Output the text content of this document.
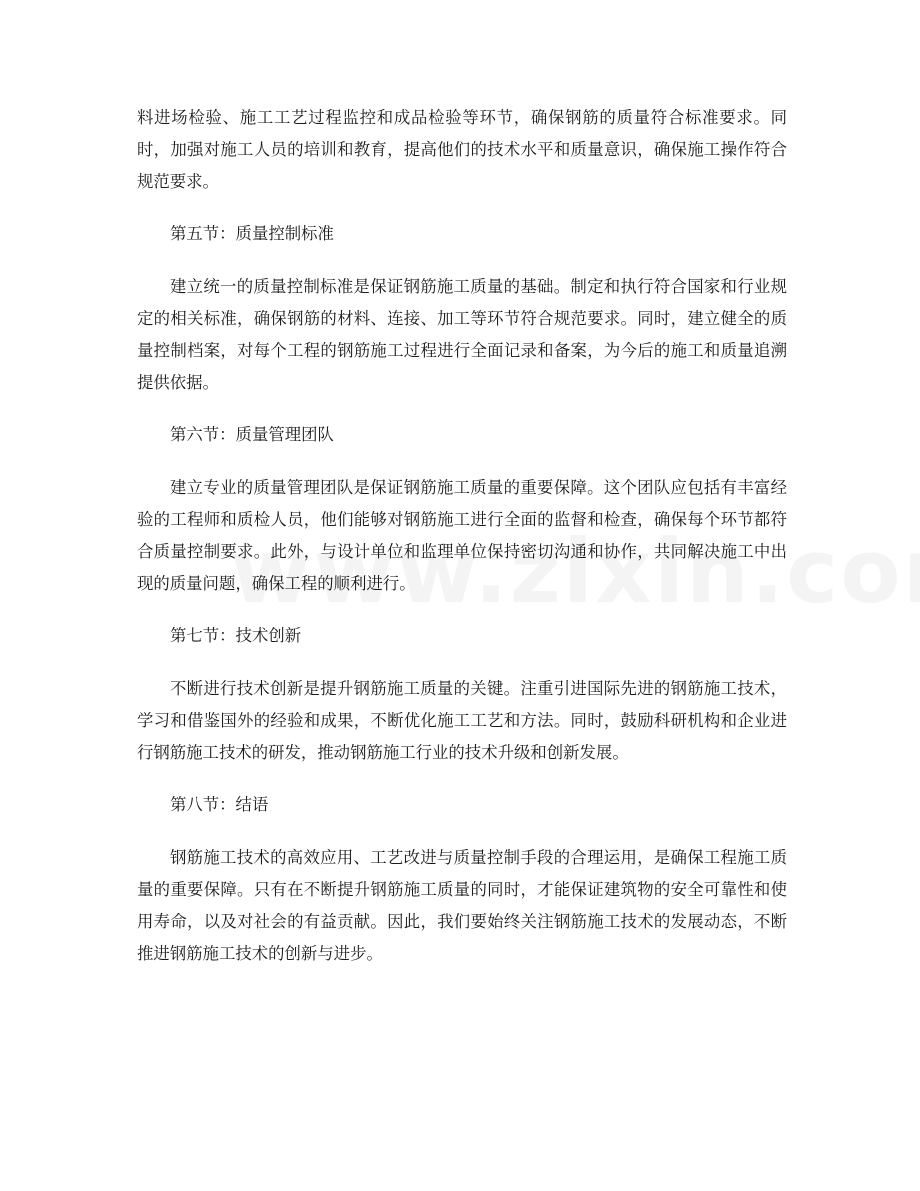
料进场检验、施工工艺过程监控和成品检验等环节，确保钢筋的质量符合标准要求。同时，加强对施工人员的培训和教育，提高他们的技术水平和质量意识，确保施工操作符合规范要求。

第五节：质量控制标准

建立统一的质量控制标准是保证钢筋施工质量的基础。制定和执行符合国家和行业规定的相关标准，确保钢筋的材料、连接、加工等环节符合规范要求。同时，建立健全的质量控制档案，对每个工程的钢筋施工过程进行全面记录和备案，为今后的施工和质量追溯提供依据。

第六节：质量管理团队

建立专业的质量管理团队是保证钢筋施工质量的重要保障。这个团队应包括有丰富经验的工程师和质检人员，他们能够对钢筋施工进行全面的监督和检查，确保每个环节都符合质量控制要求。此外，与设计单位和监理单位保持密切沟通和协作，共同解决施工中出现的质量问题，确保工程的顺利进行。

第七节：技术创新

不断进行技术创新是提升钢筋施工质量的关键。注重引进国际先进的钢筋施工技术，学习和借鉴国外的经验和成果，不断优化施工工艺和方法。同时，鼓励科研机构和企业进行钢筋施工技术的研发，推动钢筋施工行业的技术升级和创新发展。

第八节：结语

钢筋施工技术的高效应用、工艺改进与质量控制手段的合理运用，是确保工程施工质量的重要保障。只有在不断提升钢筋施工质量的同时，才能保证建筑物的安全可靠性和使用寿命，以及对社会的有益贡献。因此，我们要始终关注钢筋施工技术的发展动态，不断推进钢筋施工技术的创新与进步。
